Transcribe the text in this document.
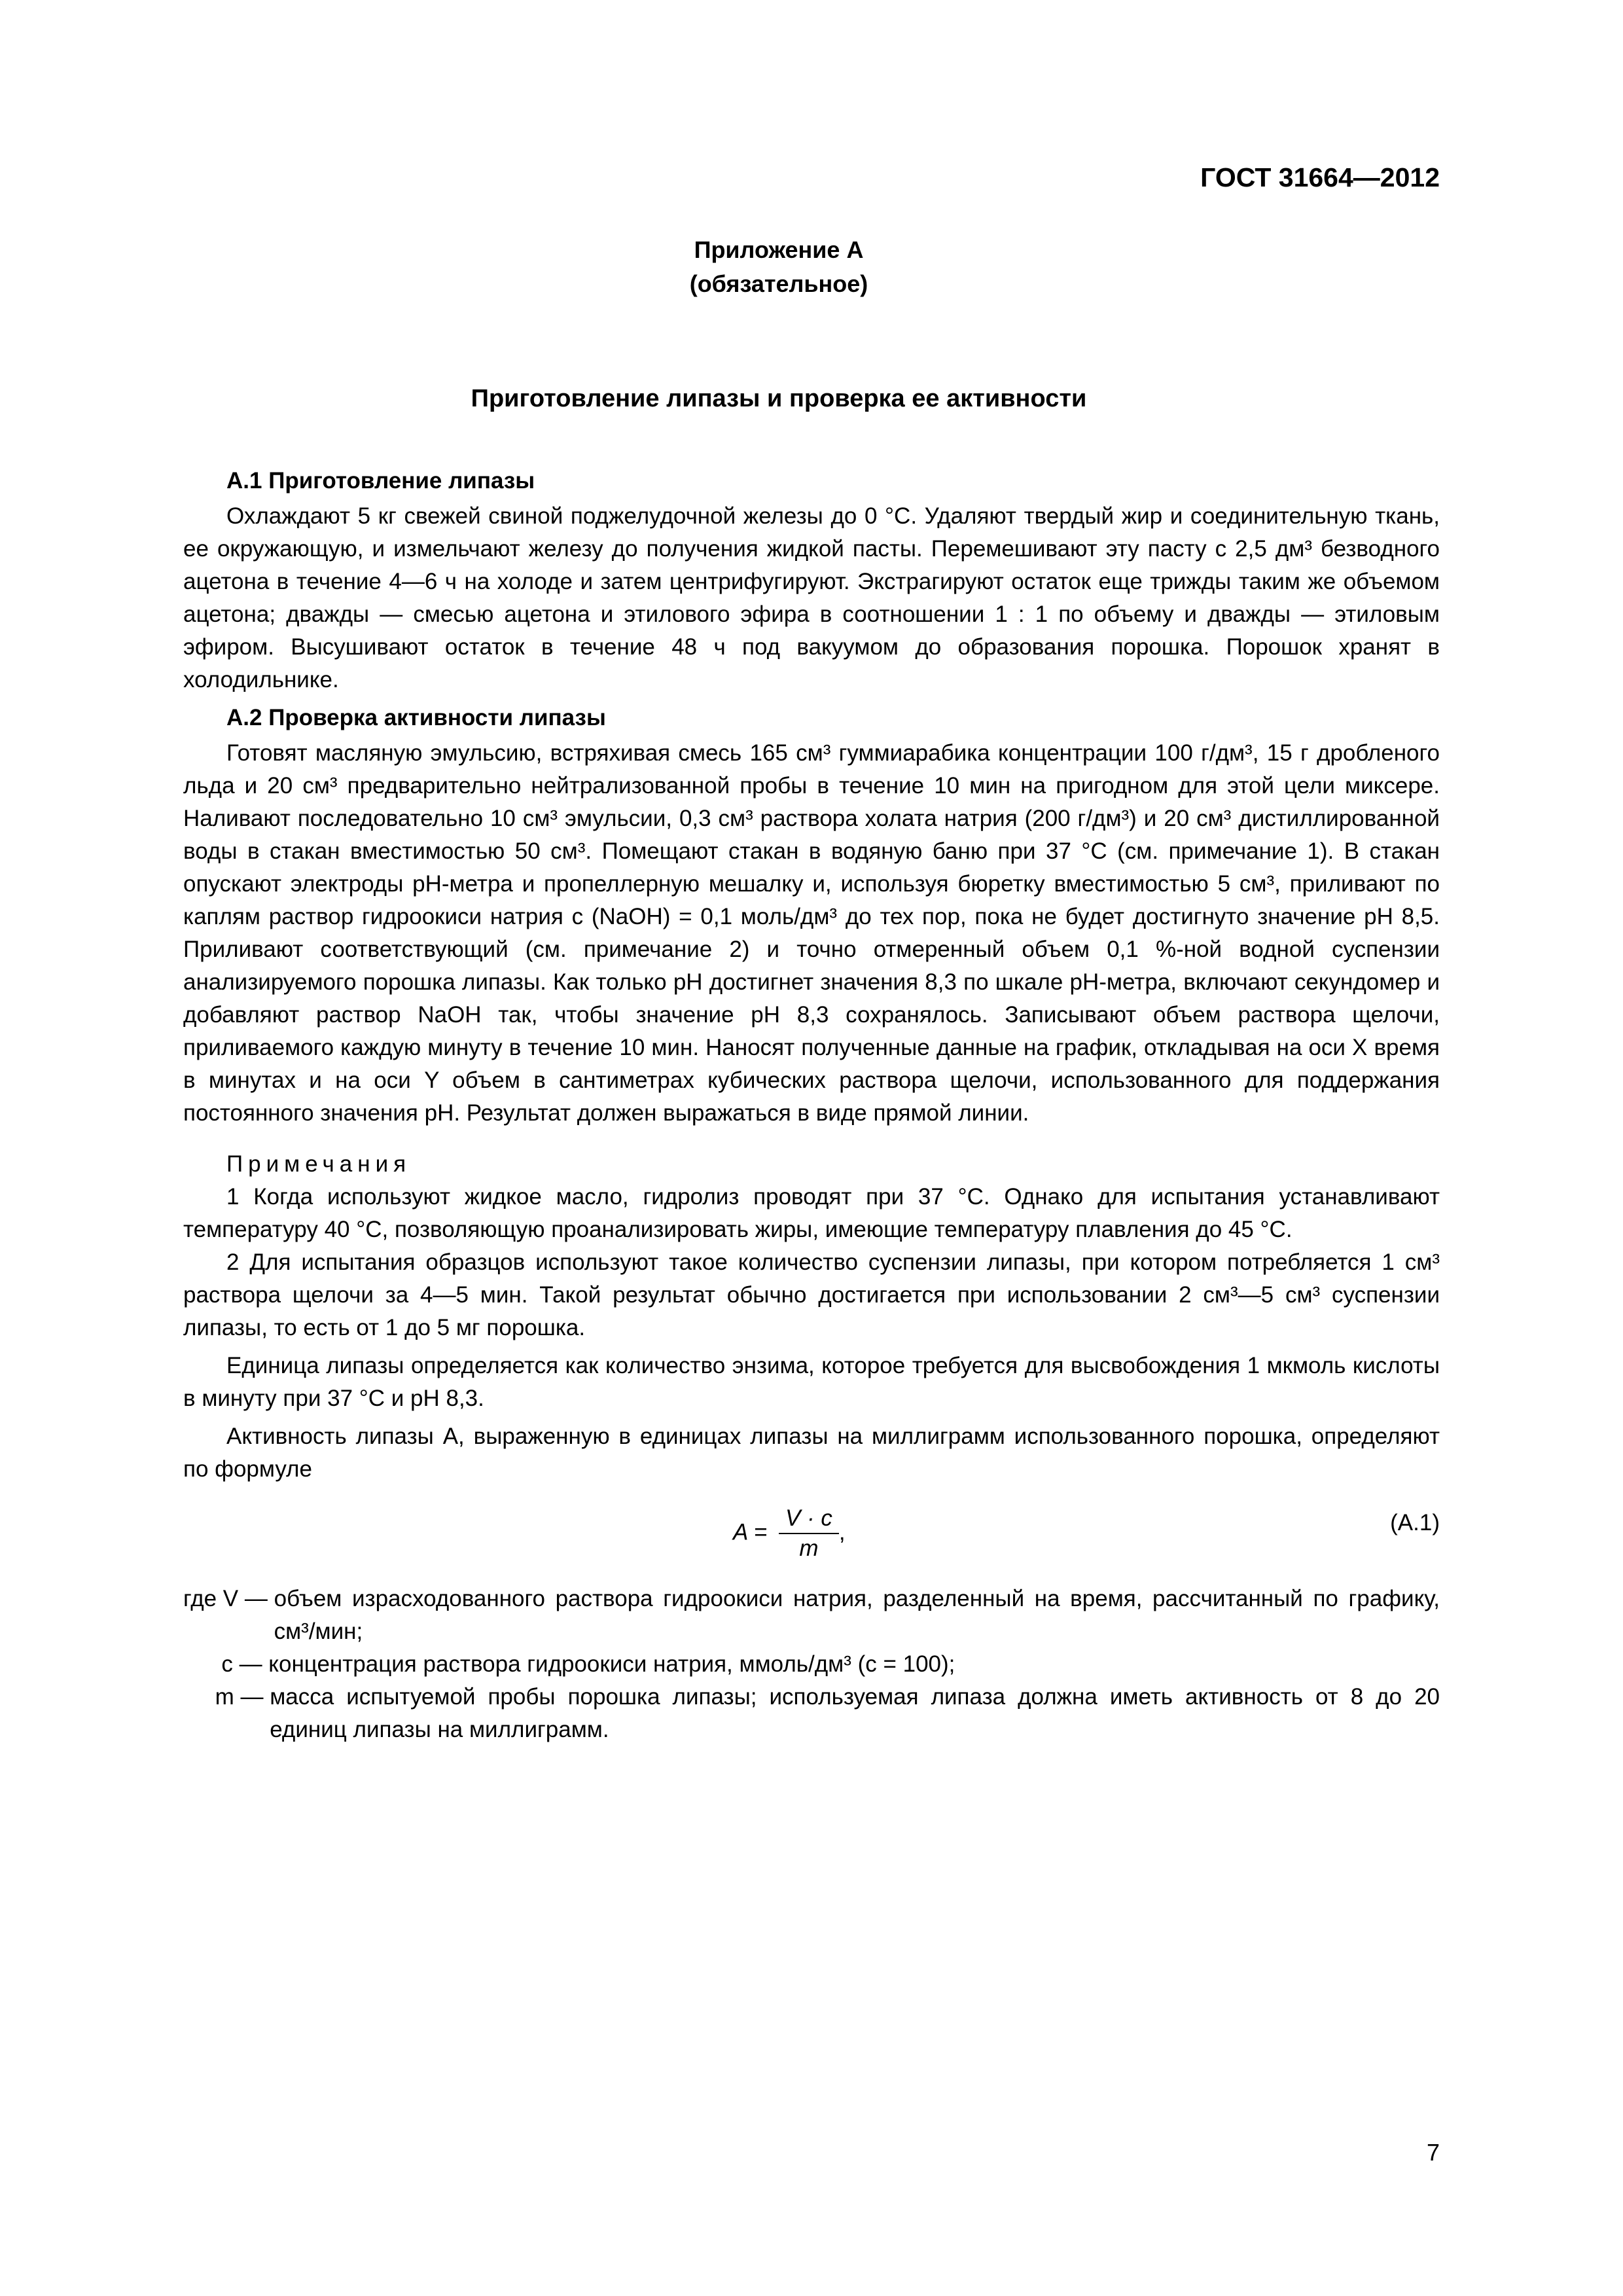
ГОСТ 31664—2012
Приложение А
(обязательное)
Приготовление липазы и проверка ее активности

А.1 Приготовление липазы

Охлаждают 5 кг свежей свиной поджелудочной железы до 0 °С. Удаляют твердый жир и соединительную ткань, ее окружающую, и измельчают железу до получения жидкой пасты. Перемешивают эту пасту с 2,5 дм³ безводного ацетона в течение 4—6 ч на холоде и затем центрифугируют. Экстрагируют остаток еще трижды таким же объемом ацетона; дважды — смесью ацетона и этилового эфира в соотношении 1 : 1 по объему и дважды — этиловым эфиром. Высушивают остаток в течение 48 ч под вакуумом до образования порошка. Порошок хранят в холодильнике.

А.2 Проверка активности липазы

Готовят масляную эмульсию, встряхивая смесь 165 см³ гуммиарабика концентрации 100 г/дм³, 15 г дробленого льда и 20 см³ предварительно нейтрализованной пробы в течение 10 мин на пригодном для этой цели миксере. Наливают последовательно 10 см³ эмульсии, 0,3 см³ раствора холата натрия (200 г/дм³) и 20 см³ дистиллированной воды в стакан вместимостью 50 см³. Помещают стакан в водяную баню при 37 °С (см. примечание 1). В стакан опускают электроды pH-метра и пропеллерную мешалку и, используя бюретку вместимостью 5 см³, приливают по каплям раствор гидроокиси натрия с (NaOH) = 0,1 моль/дм³ до тех пор, пока не будет достигнуто значение pH 8,5. Приливают соответствующий (см. примечание 2) и точно отмеренный объем 0,1 %-ной водной суспензии анализируемого порошка липазы. Как только pH достигнет значения 8,3 по шкале pH-метра, включают секундомер и добавляют раствор NaOH так, чтобы значение pH 8,3 сохранялось. Записывают объем раствора щелочи, приливаемого каждую минуту в течение 10 мин. Наносят полученные данные на график, откладывая на оси X время в минутах и на оси Y объем в сантиметрах кубических раствора щелочи, использованного для поддержания постоянного значения pH. Результат должен выражаться в виде прямой линии.

Примечания

1 Когда используют жидкое масло, гидролиз проводят при 37 °С. Однако для испытания устанавливают температуру 40 °С, позволяющую проанализировать жиры, имеющие температуру плавления до 45 °С.

2 Для испытания образцов используют такое количество суспензии липазы, при котором потребляется 1 см³ раствора щелочи за 4—5 мин. Такой результат обычно достигается при использовании 2 см³—5 см³ суспензии липазы, то есть от 1 до 5 мг порошка.

Единица липазы определяется как количество энзима, которое требуется для высвобождения 1 мкмоль кислоты в минуту при 37 °С и pH 8,3.

Активность липазы А, выраженную в единицах липазы на миллиграмм использованного порошка, определяют по формуле

$A = \frac{V \cdot c}{m}$ ,	(А.1)
где V — объем израсходованного раствора гидроокиси натрия, разделенный на время, рассчитанный по графику, см³/мин;
c — концентрация раствора гидроокиси натрия, ммоль/дм³ (с = 100);
m — масса испытуемой пробы порошка липазы; используемая липаза должна иметь активность от 8 до 20 единиц липазы на миллиграмм.
7
